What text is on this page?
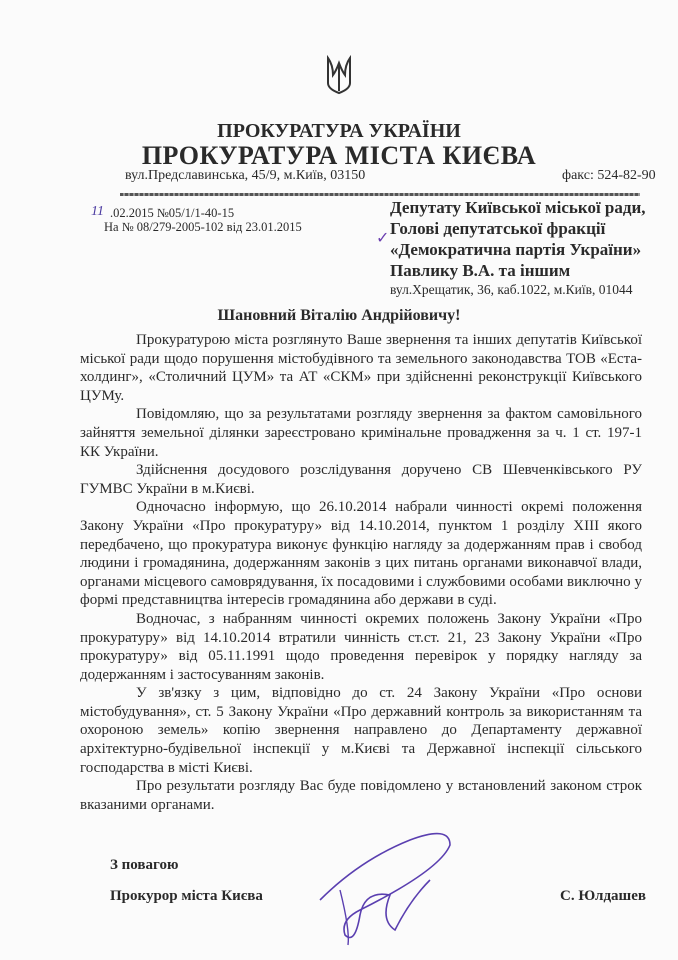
ПРОКУРАТУРА УКРАЇНИ
ПРОКУРАТУРА МІСТА КИЄВА
вул.Предславинська, 45/9, м.Київ, 03150	факс: 524-82-90
11 .02.2015 №05/1/1-40-15
На № 08/279-2005-102 від 23.01.2015
✓
Депутату Київської міської ради,
Голові депутатської фракції
«Демократична партія України»
Павлику В.А. та іншим
вул.Хрещатик, 36, каб.1022, м.Київ, 01044
Шановний Віталію Андрійовичу!

Прокуратурою міста розглянуто Ваше звернення та інших депутатів Київської міської ради щодо порушення містобудівного та земельного законодавства ТОВ «Еста-холдинг», «Столичний ЦУМ» та АТ «СКМ» при здійсненні реконструкції Київського ЦУМу.

Повідомляю, що за результатами розгляду звернення за фактом самовільного зайняття земельної ділянки зареєстровано кримінальне провадження за ч. 1 ст. 197-1 КК України.

Здійснення досудового розслідування доручено СВ Шевченківського РУ ГУМВС України в м.Києві.

Одночасно інформую, що 26.10.2014 набрали чинності окремі положення Закону України «Про прокуратуру» від 14.10.2014, пунктом 1 розділу XIII якого передбачено, що прокуратура виконує функцію нагляду за додержанням прав і свобод людини і громадянина, додержанням законів з цих питань органами виконавчої влади, органами місцевого самоврядування, їх посадовими і службовими особами виключно у формі представництва інтересів громадянина або держави в суді.

Водночас, з набранням чинності окремих положень Закону України «Про прокуратуру» від 14.10.2014 втратили чинність ст.ст. 21, 23 Закону України «Про прокуратуру» від 05.11.1991 щодо проведення перевірок у порядку нагляду за додержанням і застосуванням законів.

У зв'язку з цим, відповідно до ст. 24 Закону України «Про основи містобудування», ст. 5 Закону України «Про державний контроль за використанням та охороною земель» копію звернення направлено до Департаменту державної архітектурно-будівельної інспекції у м.Києві та Державної інспекції сільського господарства в місті Києві.

Про результати розгляду Вас буде повідомлено у встановлений законом строк вказаними органами.

З повагою
Прокурор міста Києва	С. Юлдашев
